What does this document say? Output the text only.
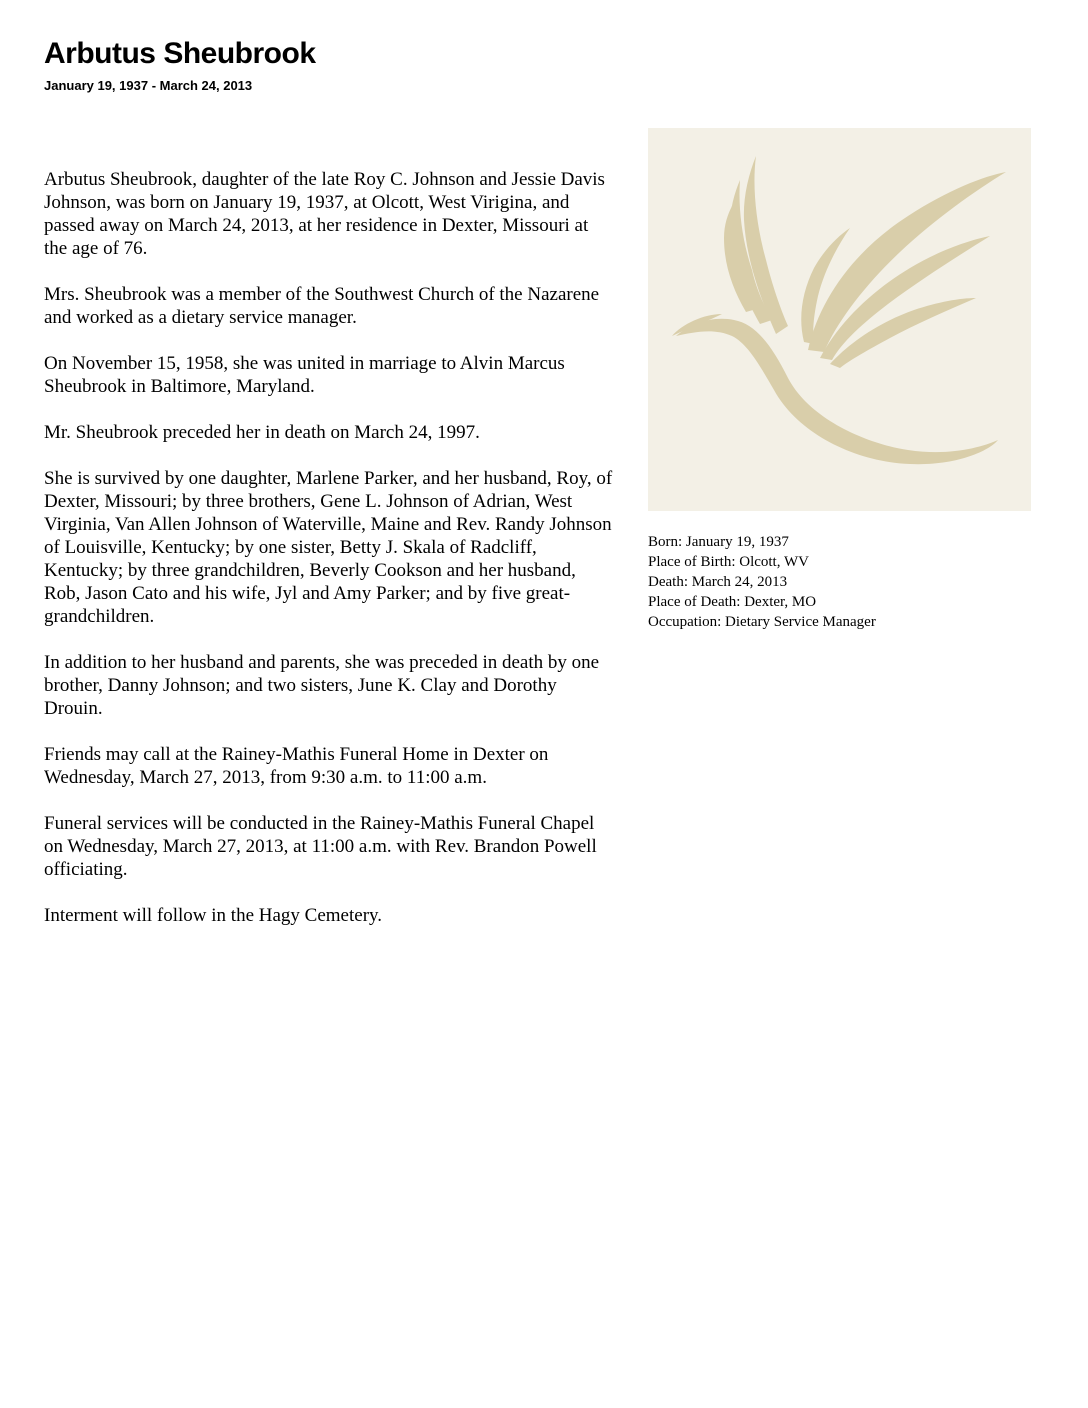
Arbutus Sheubrook
January 19, 1937 - March 24, 2013

Arbutus Sheubrook, daughter of the late Roy C. Johnson and Jessie Davis Johnson, was born on January 19, 1937, at Olcott, West Virigina, and passed away on March 24, 2013, at her residence in Dexter, Missouri at the age of 76.

Mrs. Sheubrook was a member of the Southwest Church of the Nazarene and worked as a dietary service manager.

On November 15, 1958, she was united in marriage to Alvin Marcus Sheubrook in Baltimore, Maryland.

Mr. Sheubrook preceded her in death on March 24, 1997.

She is survived by one daughter, Marlene Parker, and her husband, Roy, of Dexter, Missouri; by three brothers, Gene L. Johnson of Adrian, West Virginia, Van Allen Johnson of Waterville, Maine and Rev. Randy Johnson of Louisville, Kentucky; by one sister, Betty J. Skala of Radcliff, Kentucky; by three grandchildren, Beverly Cookson and her husband, Rob, Jason Cato and his wife, Jyl and Amy Parker; and by five great-grandchildren.

In addition to her husband and parents, she was preceded in death by one brother, Danny Johnson; and two sisters, June K. Clay and Dorothy Drouin.

Friends may call at the Rainey-Mathis Funeral Home in Dexter on Wednesday, March 27, 2013, from 9:30 a.m. to 11:00 a.m.

Funeral services will be conducted in the Rainey-Mathis Funeral Chapel on Wednesday, March 27, 2013, at 11:00 a.m. with Rev. Brandon Powell officiating.

Interment will follow in the Hagy Cemetery.

Born: January 19, 1937
Place of Birth: Olcott, WV
Death: March 24, 2013
Place of Death: Dexter, MO
Occupation: Dietary Service Manager
